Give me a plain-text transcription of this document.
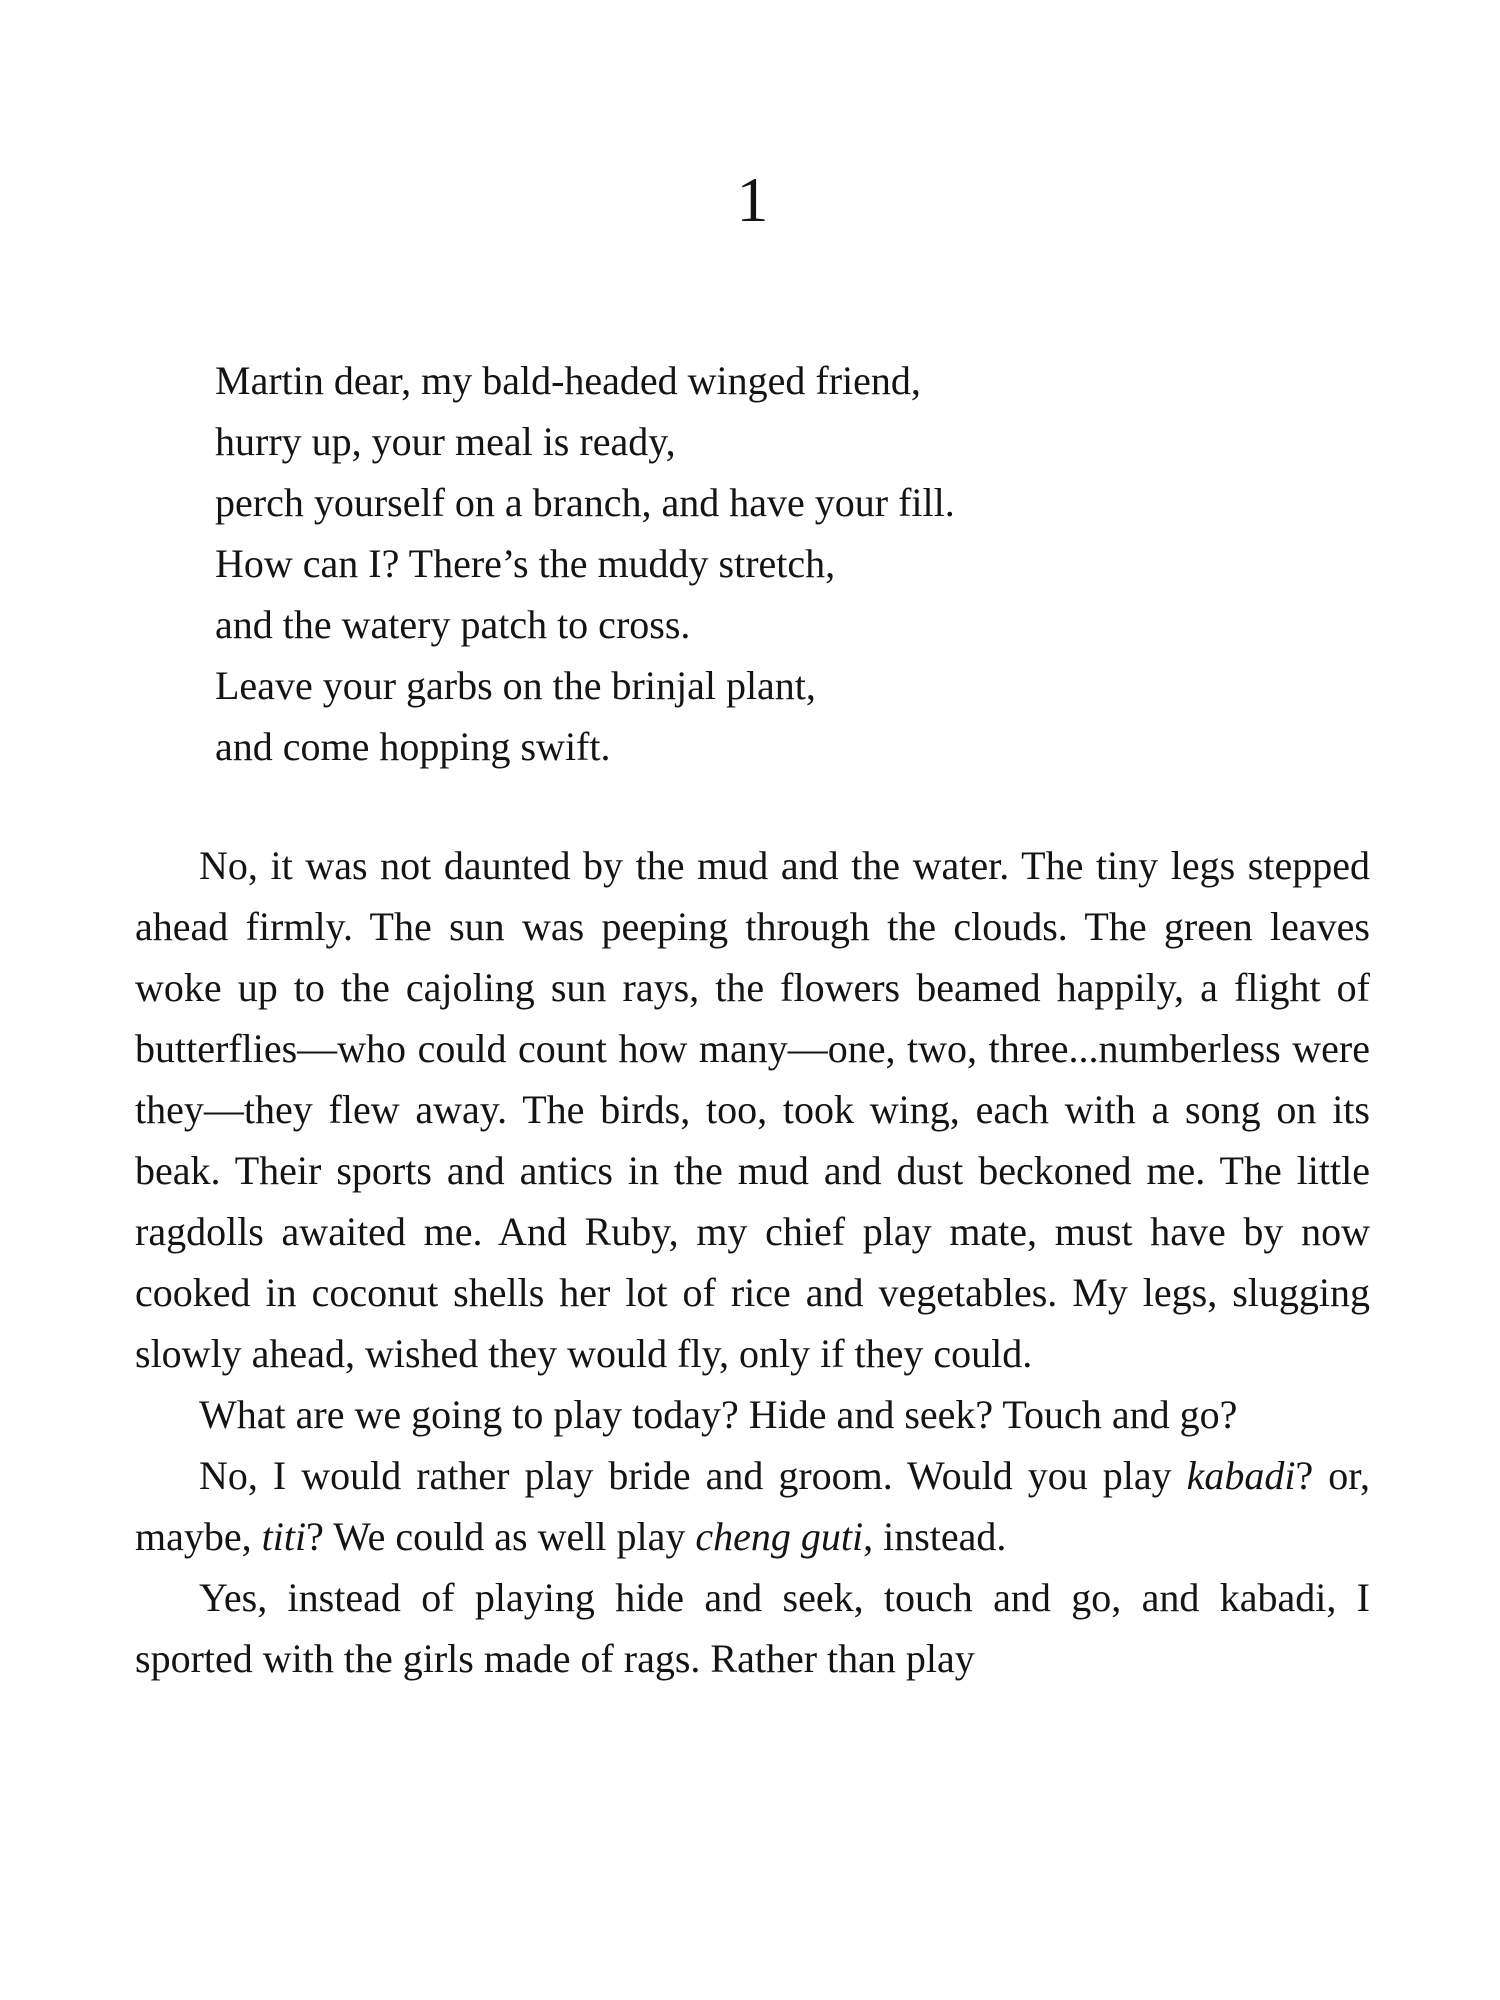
1
Martin dear, my bald-headed winged friend,
hurry up, your meal is ready,
perch yourself on a branch, and have your fill.
How can I? There’s the muddy stretch,
and the watery patch to cross.
Leave your garbs on the brinjal plant,
and come hopping swift.

No, it was not daunted by the mud and the water. The tiny legs stepped ahead firmly. The sun was peeping through the clouds. The green leaves woke up to the cajoling sun rays, the flowers beamed happily, a flight of butterflies—who could count how many—one, two, three...numberless were they—they flew away. The birds, too, took wing, each with a song on its beak. Their sports and antics in the mud and dust beckoned me. The little ragdolls awaited me. And Ruby, my chief play mate, must have by now cooked in coconut shells her lot of rice and vegetables. My legs, slugging slowly ahead, wished they would fly, only if they could.

What are we going to play today? Hide and seek? Touch and go?

No, I would rather play bride and groom. Would you play kabadi? or, maybe, titi? We could as well play cheng guti, instead.

Yes, instead of playing hide and seek, touch and go, and kabadi, I sported with the girls made of rags. Rather than play
